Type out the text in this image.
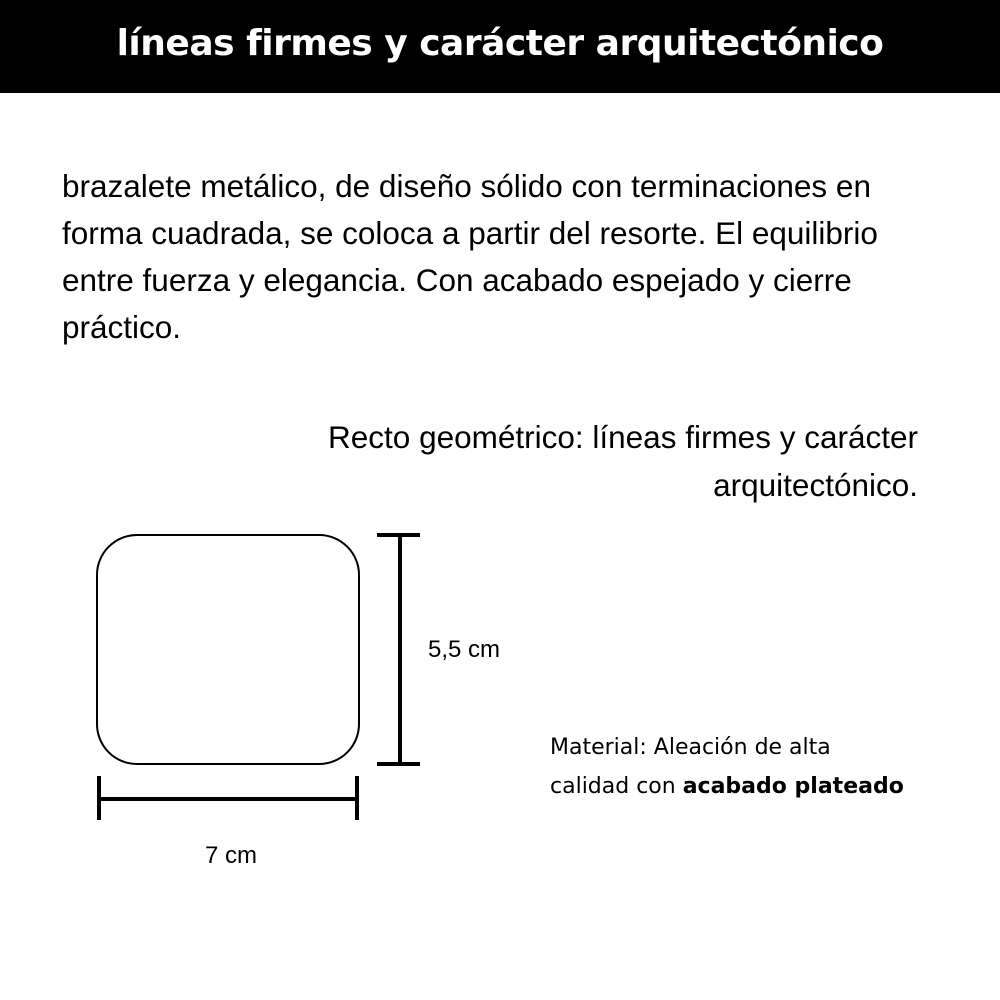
líneas firmes y carácter arquitectónico

brazalete metálico, de diseño sólido con terminaciones en forma cuadrada, se coloca a partir del resorte. El equilibrio entre fuerza y elegancia. Con acabado espejado y cierre práctico.

Recto geométrico: líneas firmes y carácter arquitectónico.

5,5 cm
7 cm

Material: Aleación de alta calidad con acabado plateado
